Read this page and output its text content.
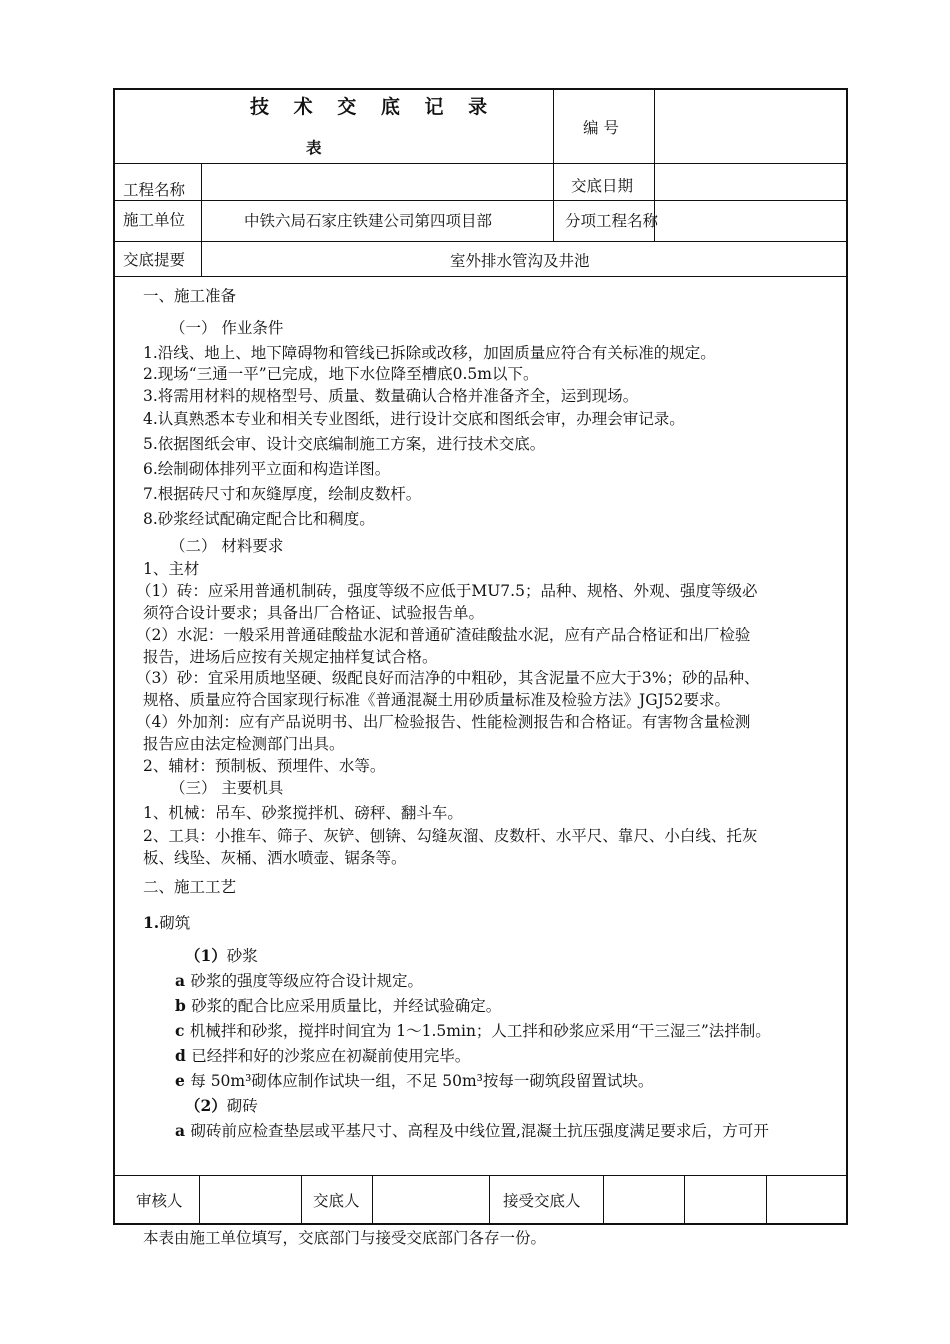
技 术 交 底 记 录
表
编 号
工程名称	交底日期
施工单位	中铁六局石家庄铁建公司第四项目部	分项工程名称
交底提要	室外排水管沟及井池
一、施工准备
（一） 作业条件
1.沿线、地上、地下障碍物和管线已拆除或改移，加固质量应符合有关标准的规定。
2.现场“三通一平”已完成，地下水位降至槽底0.5m以下。
3.将需用材料的规格型号、质量、数量确认合格并准备齐全，运到现场。
4.认真熟悉本专业和相关专业图纸，进行设计交底和图纸会审，办理会审记录。
5.依据图纸会审、设计交底编制施工方案，进行技术交底。
6.绘制砌体排列平立面和构造详图。
7.根据砖尺寸和灰缝厚度，绘制皮数杆。
8.砂浆经试配确定配合比和稠度。
（二） 材料要求
1、主材
（1）砖：应采用普通机制砖，强度等级不应低于MU7.5；品种、规格、外观、强度等级必
须符合设计要求；具备出厂合格证、试验报告单。
（2）水泥：一般采用普通硅酸盐水泥和普通矿渣硅酸盐水泥，应有产品合格证和出厂检验
报告，进场后应按有关规定抽样复试合格。
（3）砂：宜采用质地坚硬、级配良好而洁净的中粗砂，其含泥量不应大于3%；砂的品种、
规格、质量应符合国家现行标准《普通混凝土用砂质量标准及检验方法》JGJ52要求。
（4）外加剂：应有产品说明书、出厂检验报告、性能检测报告和合格证。有害物含量检测
报告应由法定检测部门出具。
2、辅材：预制板、预埋件、水等。
（三） 主要机具
1、机械：吊车、砂浆搅拌机、磅秤、翻斗车。
2、工具：小推车、筛子、灰铲、刨锛、勾缝灰溜、皮数杆、水平尺、靠尺、小白线、托灰
板、线坠、灰桶、洒水喷壶、锯条等。
二、施工工艺
1.砌筑
（1）砂浆
a 砂浆的强度等级应符合设计规定。
b 砂浆的配合比应采用质量比，并经试验确定。
c 机械拌和砂浆，搅拌时间宜为 1～1.5min；人工拌和砂浆应采用“干三湿三”法拌制。
d 已经拌和好的沙浆应在初凝前使用完毕。
e 每 50m³砌体应制作试块一组，不足 50m³按每一砌筑段留置试块。
（2）砌砖
a 砌砖前应检查垫层或平基尺寸、高程及中线位置,混凝土抗压强度满足要求后，方可开
审核人	交底人	接受交底人
本表由施工单位填写，交底部门与接受交底部门各存一份。
